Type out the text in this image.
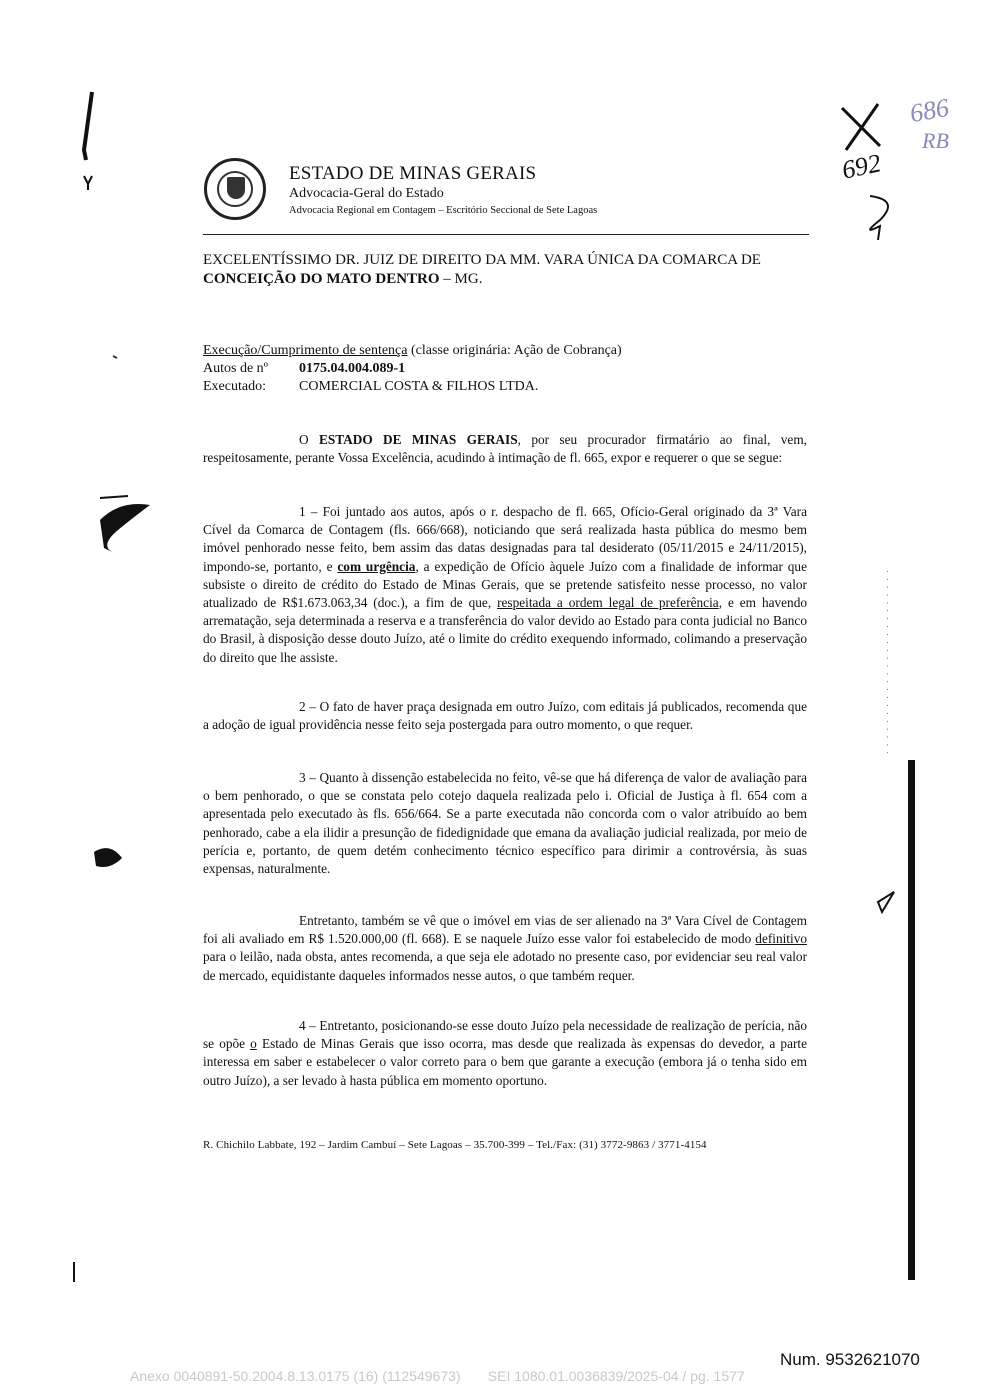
686
RB
692
ESTADO DE MINAS GERAIS
Advocacia-Geral do Estado
Advocacia Regional em Contagem – Escritório Seccional de Sete Lagoas
EXCELENTÍSSIMO DR. JUIZ DE DIREITO DA MM. VARA ÚNICA DA COMARCA DE
CONCEIÇÃO DO MATO DENTRO – MG.
Execução/Cumprimento de sentença (classe originária: Ação de Cobrança)
Autos de nº 0175.04.004.089-1
Executado: COMERCIAL COSTA & FILHOS LTDA.
O ESTADO DE MINAS GERAIS, por seu procurador firmatário ao final, vem, respeitosamente, perante Vossa Excelência, acudindo à intimação de fl. 665, expor e requerer o que se segue:
1 – Foi juntado aos autos, após o r. despacho de fl. 665, Ofício-Geral originado da 3ª Vara Cível da Comarca de Contagem (fls. 666/668), noticiando que será realizada hasta pública do mesmo bem imóvel penhorado nesse feito, bem assim das datas designadas para tal desiderato (05/11/2015 e 24/11/2015), impondo-se, portanto, e com urgência, a expedição de Ofício àquele Juízo com a finalidade de informar que subsiste o direito de crédito do Estado de Minas Gerais, que se pretende satisfeito nesse processo, no valor atualizado de R$1.673.063,34 (doc.), a fim de que, respeitada a ordem legal de preferência, e em havendo arrematação, seja determinada a reserva e a transferência do valor devido ao Estado para conta judicial no Banco do Brasil, à disposição desse douto Juízo, até o limite do crédito exequendo informado, colimando a preservação do direito que lhe assiste.
2 – O fato de haver praça designada em outro Juízo, com editais já publicados, recomenda que a adoção de igual providência nesse feito seja postergada para outro momento, o que requer.
3 – Quanto à dissenção estabelecida no feito, vê-se que há diferença de valor de avaliação para o bem penhorado, o que se constata pelo cotejo daquela realizada pelo i. Oficial de Justiça à fl. 654 com a apresentada pelo executado às fls. 656/664. Se a parte executada não concorda com o valor atribuído ao bem penhorado, cabe a ela ilidir a presunção de fidedignidade que emana da avaliação judicial realizada, por meio de perícia e, portanto, de quem detém conhecimento técnico específico para dirimir a controvérsia, às suas expensas, naturalmente.
Entretanto, também se vê que o imóvel em vias de ser alienado na 3ª Vara Cível de Contagem foi ali avaliado em R$ 1.520.000,00 (fl. 668). E se naquele Juízo esse valor foi estabelecido de modo definitivo para o leilão, nada obsta, antes recomenda, a que seja ele adotado no presente caso, por evidenciar seu real valor de mercado, equidistante daqueles informados nesse autos, o que também requer.
4 – Entretanto, posicionando-se esse douto Juízo pela necessidade de realização de perícia, não se opõe o Estado de Minas Gerais que isso ocorra, mas desde que realizada às expensas do devedor, a parte interessa em saber e estabelecer o valor correto para o bem que garante a execução (embora já o tenha sido em outro Juízo), a ser levado à hasta pública em momento oportuno.
R. Chichilo Labbate, 192 – Jardim Cambuí – Sete Lagoas – 35.700-399 – Tel./Fax: (31) 3772-9863 / 3771-4154
· · · · · · · · · · · · · · · · · · · · · · · ·
Num. 9532621070
Anexo 0040891-50.2004.8.13.0175 (16) (112549673)       SEI 1080.01.0036839/2025-04 / pg. 1577
